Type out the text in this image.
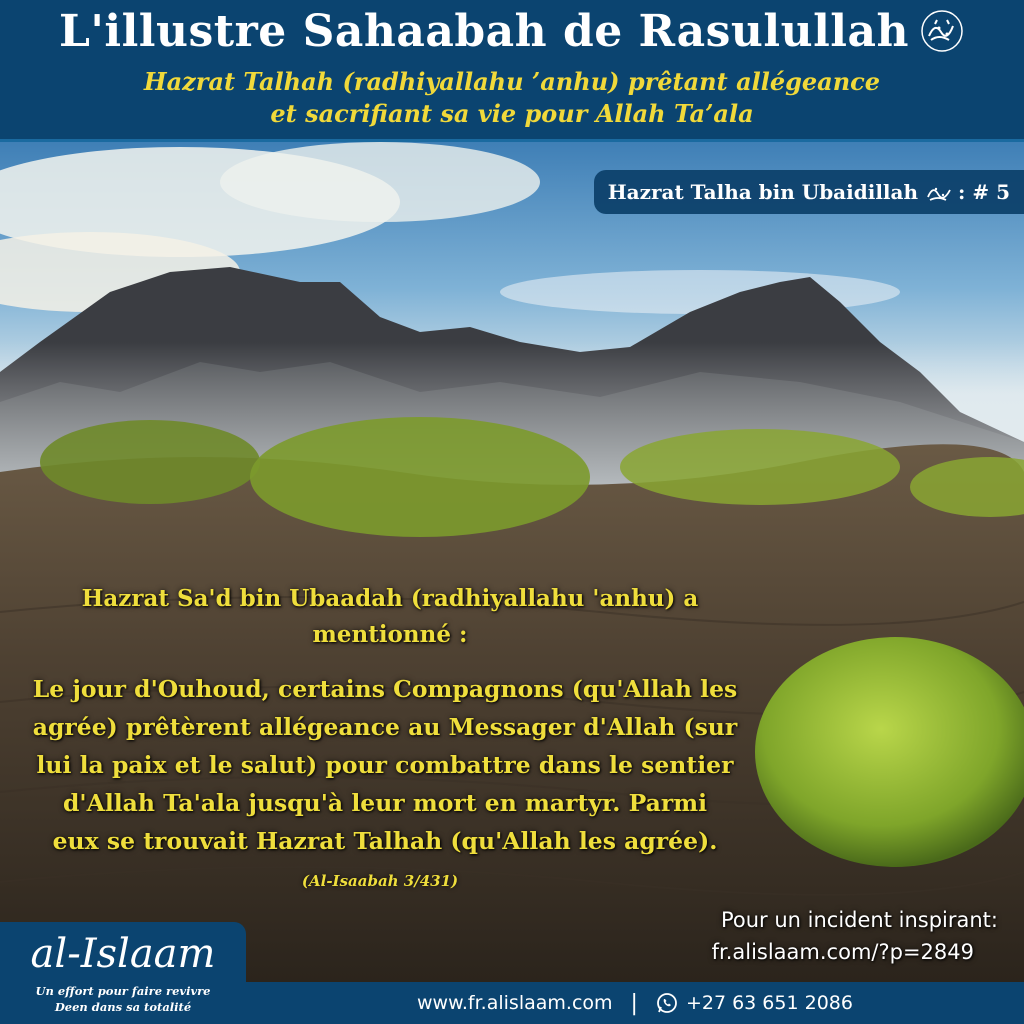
L'illustre Sahaabah de Rasulullah
Hazrat Talhah (radhiyallahu ’anhu) prêtant allégeance
et sacrifiant sa vie pour Allah Ta’ala
Hazrat Talha bin Ubaidillah : # 5
Hazrat Sa'd bin Ubaadah (radhiyallahu 'anhu) a
mentionné :
Le jour d'Ouhoud, certains Compagnons (qu'Allah les
agrée) prêtèrent allégeance au Messager d'Allah (sur
lui la paix et le salut) pour combattre dans le sentier
d'Allah Ta'ala jusqu'à leur mort en martyr. Parmi
eux se trouvait Hazrat Talhah (qu'Allah les agrée).
(Al-Isaabah 3/431)
Pour un incident inspirant:
fr.alislaam.com/?p=2849
al-Islaam
Un effort pour faire revivre
Deen dans sa totalité	www.fr.alislaam.com |	+27 63 651 2086
